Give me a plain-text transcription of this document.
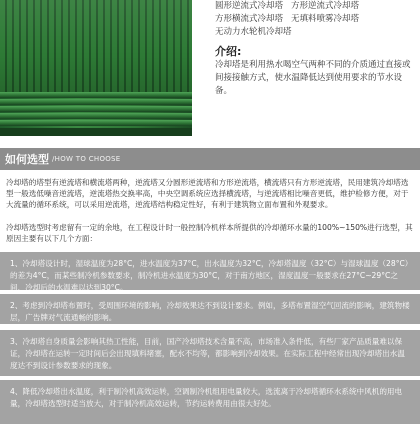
圆形逆流式冷却塔 方形逆流式冷却塔
方形横流式冷却塔 无填料喷雾冷却塔
无动力水轮机冷却塔
介绍:
冷却塔是利用热水喝空气两种不同的介质通过直接或间接接触方式，使水温降低达到使用要求的节水设备。
如何选型 /HOW TO CHOOSE
冷却塔的塔型有逆流塔和横流塔两种，逆流塔又分圆形逆流塔和方形逆流塔，横流塔只有方形逆流塔，民用建筑冷却塔选型一般选低噪音逆流塔，逆流塔热交换率高，中央空调系统应选择横流塔，与逆流塔相比噪音更低，维护检修方便，对于大流量的循环系统，可以采用逆流塔，逆流塔结构稳定性好，有利于建筑物立面布置和外观要求。
冷却塔选型时考虑留有一定的余地，在工程设计时一般控制冷机样本所提供的冷却循环水量的100%~150%进行选型，其原因主要有以下几个方面：
1、冷却塔设计时，湿球温度为28°C，进水温度为37°C，出水温度为32°C，冷却塔温度（32°C）与湿球温度（28°C）的差为4°C，而某些制冷机参数要求，制冷机进水温度为30°C，对于南方地区，湿度温度一般要求在27°C~29°C之间，冷却后的水温难以达到30°C。
2、考虑到冷却塔布置时，受周围环境的影响，冷却效果达不到设计要求。例如，多塔布置湿空气回流的影响，建筑物楼层，广告牌对气流通畅的影响。
3、冷却塔自身质量会影响其热工性能，目前，国产冷却塔技术含量不高，市场准入条件低，有些厂家产品质量难以保证，冷却塔在运转一定时间后会出现填料堵塞，配水不均等，都影响到冷却效果。在实际工程中经常出现冷却塔出水温度达不到设计参数要求的现象。
4、降低冷却塔出水温度，利于制冷机高效运转，空调制冷机组用电量较大，选流离于冷却塔循环水系统中风机的用电量，冷却塔选型时适当放大，对于制冷机高效运转，节约运转费用由很大好处。
